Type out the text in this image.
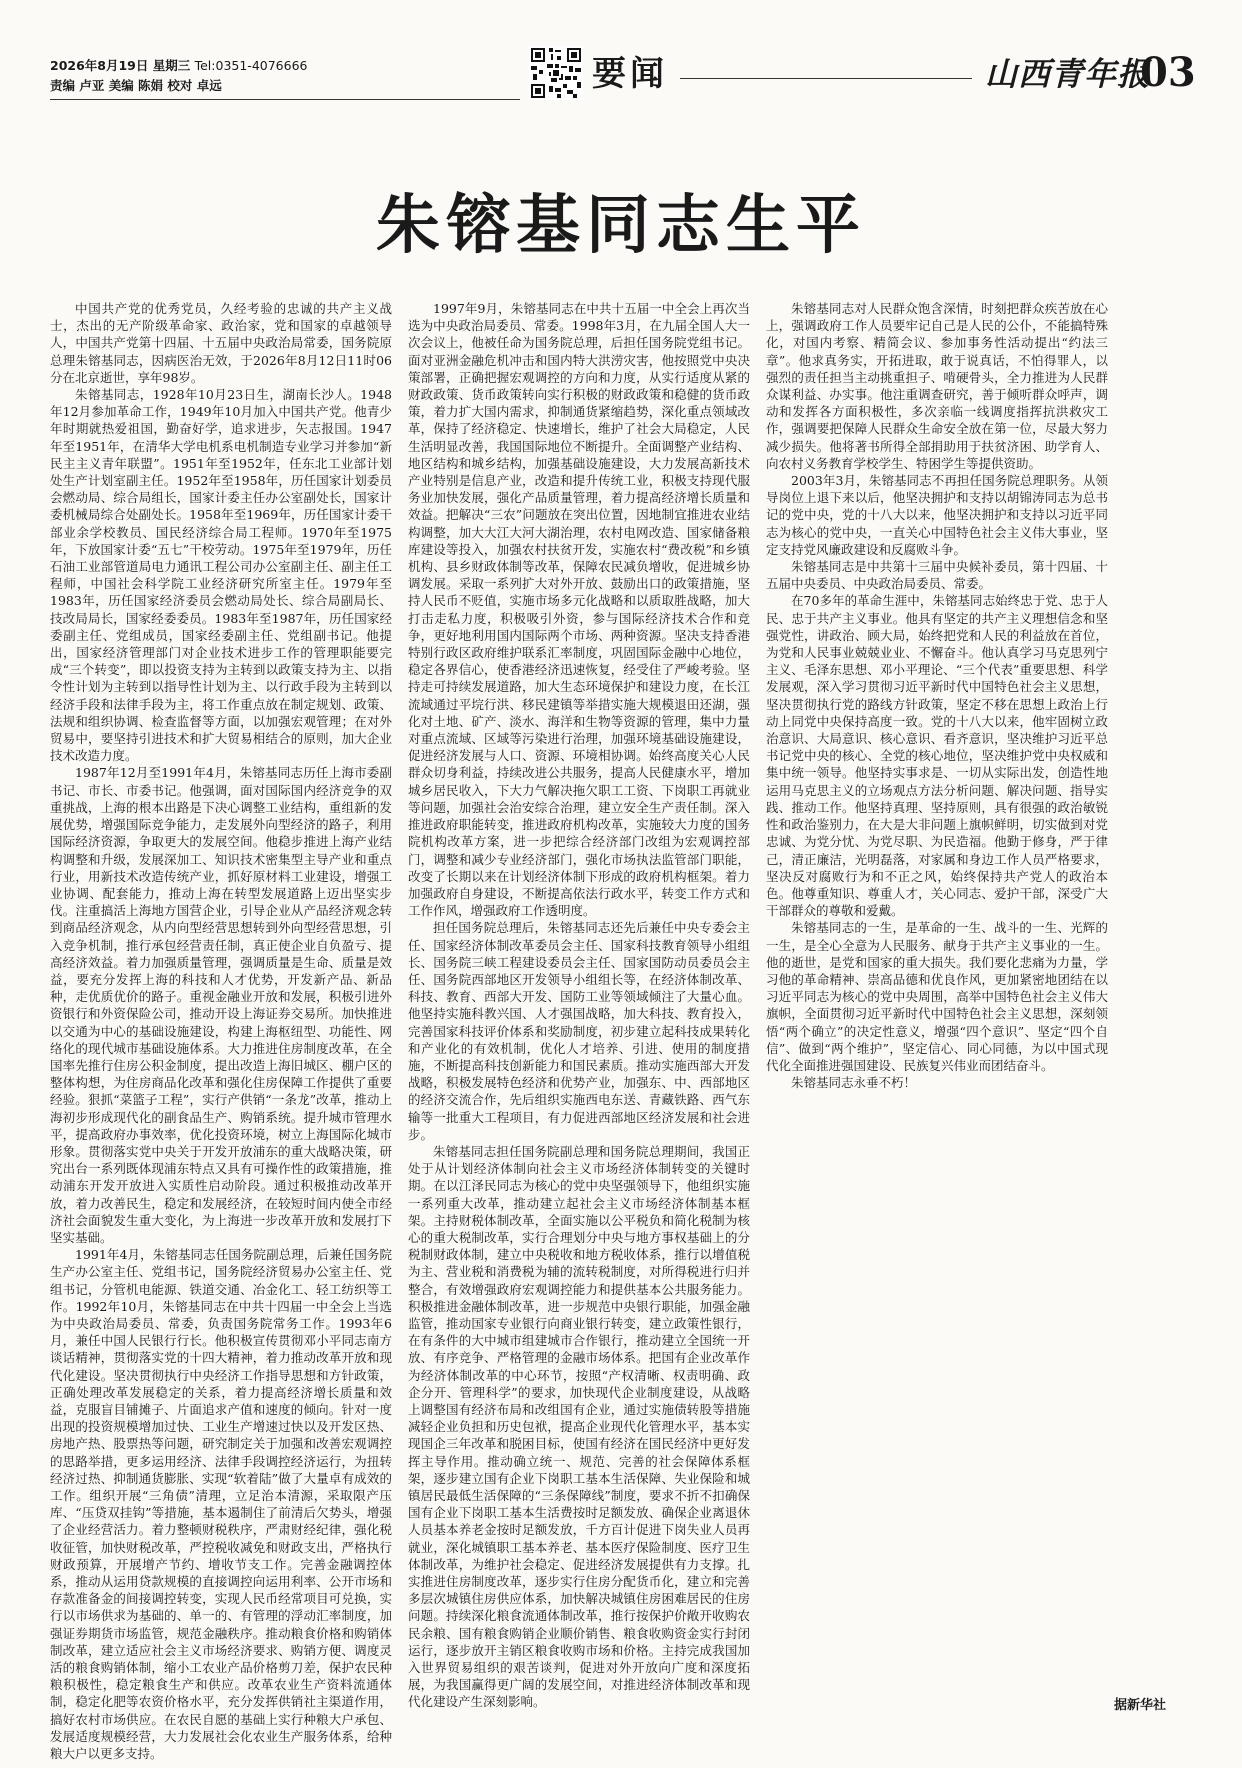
2026年8月19日 星期三 Tel:0351-4076666
责编 卢亚 美编 陈娟 校对 卓远	要闻	山西青年报
03
朱镕基同志生平

中国共产党的优秀党员，久经考验的忠诚的共产主义战士，杰出的无产阶级革命家、政治家，党和国家的卓越领导人，中国共产党第十四届、十五届中央政治局常委，国务院原总理朱镕基同志，因病医治无效，于2026年8月12日11时06分在北京逝世，享年98岁。

朱镕基同志，1928年10月23日生，湖南长沙人。1948年12月参加革命工作，1949年10月加入中国共产党。他青少年时期就热爱祖国，勤奋好学，追求进步，矢志报国。1947年至1951年，在清华大学电机系电机制造专业学习并参加“新民主主义青年联盟”。1951年至1952年，任东北工业部计划处生产计划室副主任。1952年至1958年，历任国家计划委员会燃动局、综合局组长，国家计委主任办公室副处长，国家计委机械局综合处副处长。1958年至1969年，历任国家计委干部业余学校教员、国民经济综合局工程师。1970年至1975年，下放国家计委“五七”干校劳动。1975年至1979年，历任石油工业部管道局电力通讯工程公司办公室副主任、副主任工程师，中国社会科学院工业经济研究所室主任。1979年至1983年，历任国家经济委员会燃动局处长、综合局副局长、技改局局长，国家经委委员。1983年至1987年，历任国家经委副主任、党组成员，国家经委副主任、党组副书记。他提出，国家经济管理部门对企业技术进步工作的管理职能要完成“三个转变”，即以投资支持为主转到以政策支持为主、以指令性计划为主转到以指导性计划为主、以行政手段为主转到以经济手段和法律手段为主，将工作重点放在制定规划、政策、法规和组织协调、检查监督等方面，以加强宏观管理；在对外贸易中，要坚持引进技术和扩大贸易相结合的原则，加大企业技术改造力度。

1987年12月至1991年4月，朱镕基同志历任上海市委副书记、市长、市委书记。他强调，面对国际国内经济竞争的双重挑战，上海的根本出路是下决心调整工业结构，重组新的发展优势，增强国际竞争能力，走发展外向型经济的路子，利用国际经济资源，争取更大的发展空间。他稳步推进上海产业结构调整和升级，发展深加工、知识技术密集型主导产业和重点行业，用新技术改造传统产业，抓好原材料工业建设，增强工业协调、配套能力，推动上海在转型发展道路上迈出坚实步伐。注重搞活上海地方国营企业，引导企业从产品经济观念转到商品经济观念，从内向型经营思想转到外向型经营思想，引入竞争机制，推行承包经营责任制，真正使企业自负盈亏、提高经济效益。着力加强质量管理，强调质量是生命、质量是效益，要充分发挥上海的科技和人才优势，开发新产品、新品种，走优质优价的路子。重视金融业开放和发展，积极引进外资银行和外资保险公司，推动开设上海证券交易所。加快推进以交通为中心的基础设施建设，构建上海枢纽型、功能性、网络化的现代城市基础设施体系。大力推进住房制度改革，在全国率先推行住房公积金制度，提出改造上海旧城区、棚户区的整体构想，为住房商品化改革和强化住房保障工作提供了重要经验。狠抓“菜篮子工程”，实行产供销“一条龙”改革，推动上海初步形成现代化的副食品生产、购销系统。提升城市管理水平，提高政府办事效率，优化投资环境，树立上海国际化城市形象。贯彻落实党中央关于开发开放浦东的重大战略决策，研究出台一系列既体现浦东特点又具有可操作性的政策措施，推动浦东开发开放进入实质性启动阶段。通过积极推动改革开放，着力改善民生，稳定和发展经济，在较短时间内使全市经济社会面貌发生重大变化，为上海进一步改革开放和发展打下坚实基础。

1991年4月，朱镕基同志任国务院副总理，后兼任国务院生产办公室主任、党组书记，国务院经济贸易办公室主任、党组书记，分管机电能源、铁道交通、冶金化工、轻工纺织等工作。1992年10月，朱镕基同志在中共十四届一中全会上当选为中央政治局委员、常委，负责国务院常务工作。1993年6月，兼任中国人民银行行长。他积极宣传贯彻邓小平同志南方谈话精神，贯彻落实党的十四大精神，着力推动改革开放和现代化建设。坚决贯彻执行中央经济工作指导思想和方针政策，正确处理改革发展稳定的关系，着力提高经济增长质量和效益，克服盲目铺摊子、片面追求产值和速度的倾向。针对一度出现的投资规模增加过快、工业生产增速过快以及开发区热、房地产热、股票热等问题，研究制定关于加强和改善宏观调控的思路举措，更多运用经济、法律手段调控经济运行，为扭转经济过热、抑制通货膨胀、实现“软着陆”做了大量卓有成效的工作。组织开展“三角债”清理，立足治本清源，采取限产压库、“压贷双挂钩”等措施，基本遏制住了前清后欠势头，增强了企业经营活力。着力整顿财税秩序，严肃财经纪律，强化税收征管，加快财税改革，严控税收减免和财政支出，严格执行财政预算，开展增产节约、增收节支工作。完善金融调控体系，推动从运用贷款规模的直接调控向运用利率、公开市场和存款准备金的间接调控转变，实现人民币经常项目可兑换，实行以市场供求为基础的、单一的、有管理的浮动汇率制度，加强证券期货市场监管，规范金融秩序。推动粮食价格和购销体制改革，建立适应社会主义市场经济要求、购销方便、调度灵活的粮食购销体制，缩小工农业产品价格剪刀差，保护农民种粮积极性，稳定粮食生产和供应。改革农业生产资料流通体制，稳定化肥等农资价格水平，充分发挥供销社主渠道作用，搞好农村市场供应。在农民自愿的基础上实行种粮大户承包、发展适度规模经营，大力发展社会化农业生产服务体系，给种粮大户以更多支持。

1997年9月，朱镕基同志在中共十五届一中全会上再次当选为中央政治局委员、常委。1998年3月，在九届全国人大一次会议上，他被任命为国务院总理，后担任国务院党组书记。面对亚洲金融危机冲击和国内特大洪涝灾害，他按照党中央决策部署，正确把握宏观调控的方向和力度，从实行适度从紧的财政政策、货币政策转向实行积极的财政政策和稳健的货币政策，着力扩大国内需求，抑制通货紧缩趋势，深化重点领域改革，保持了经济稳定、快速增长，维护了社会大局稳定，人民生活明显改善，我国国际地位不断提升。全面调整产业结构、地区结构和城乡结构，加强基础设施建设，大力发展高新技术产业特别是信息产业，改造和提升传统工业，积极支持现代服务业加快发展，强化产品质量管理，着力提高经济增长质量和效益。把解决“三农”问题放在突出位置，因地制宜推进农业结构调整，加大大江大河大湖治理，农村电网改造、国家储备粮库建设等投入，加强农村扶贫开发，实施农村“费改税”和乡镇机构、县乡财政体制等改革，保障农民减负增收，促进城乡协调发展。采取一系列扩大对外开放、鼓励出口的政策措施，坚持人民币不贬值，实施市场多元化战略和以质取胜战略，加大打击走私力度，积极吸引外资，参与国际经济技术合作和竞争，更好地利用国内国际两个市场、两种资源。坚决支持香港特别行政区政府维护联系汇率制度，巩固国际金融中心地位，稳定各界信心，使香港经济迅速恢复，经受住了严峻考验。坚持走可持续发展道路，加大生态环境保护和建设力度，在长江流域通过平垸行洪、移民建镇等举措实施大规模退田还湖，强化对土地、矿产、淡水、海洋和生物等资源的管理，集中力量对重点流域、区域等污染进行治理，加强环境基础设施建设，促进经济发展与人口、资源、环境相协调。始终高度关心人民群众切身利益，持续改进公共服务，提高人民健康水平，增加城乡居民收入，下大力气解决拖欠职工工资、下岗职工再就业等问题，加强社会治安综合治理，建立安全生产责任制。深入推进政府职能转变，推进政府机构改革，实施较大力度的国务院机构改革方案，进一步把综合经济部门改组为宏观调控部门，调整和减少专业经济部门，强化市场执法监管部门职能，改变了长期以来在计划经济体制下形成的政府机构框架。着力加强政府自身建设，不断提高依法行政水平，转变工作方式和工作作风，增强政府工作透明度。

担任国务院总理后，朱镕基同志还先后兼任中央专委会主任、国家经济体制改革委员会主任、国家科技教育领导小组组长、国务院三峡工程建设委员会主任、国家国防动员委员会主任、国务院西部地区开发领导小组组长等，在经济体制改革、科技、教育、西部大开发、国防工业等领域倾注了大量心血。他坚持实施科教兴国、人才强国战略，加大科技、教育投入，完善国家科技评价体系和奖励制度，初步建立起科技成果转化和产业化的有效机制，优化人才培养、引进、使用的制度措施，不断提高科技创新能力和国民素质。推动实施西部大开发战略，积极发展特色经济和优势产业，加强东、中、西部地区的经济交流合作，先后组织实施西电东送、青藏铁路、西气东输等一批重大工程项目，有力促进西部地区经济发展和社会进步。

朱镕基同志担任国务院副总理和国务院总理期间，我国正处于从计划经济体制向社会主义市场经济体制转变的关键时期。在以江泽民同志为核心的党中央坚强领导下，他组织实施一系列重大改革，推动建立起社会主义市场经济体制基本框架。主持财税体制改革，全面实施以公平税负和简化税制为核心的重大税制改革，实行合理划分中央与地方事权基础上的分税制财政体制，建立中央税收和地方税收体系，推行以增值税为主、营业税和消费税为辅的流转税制度，对所得税进行归并整合，有效增强政府宏观调控能力和提供基本公共服务能力。积极推进金融体制改革，进一步规范中央银行职能，加强金融监管，推动国家专业银行向商业银行转变，建立政策性银行，在有条件的大中城市组建城市合作银行，推动建立全国统一开放、有序竞争、严格管理的金融市场体系。把国有企业改革作为经济体制改革的中心环节，按照“产权清晰、权责明确、政企分开、管理科学”的要求，加快现代企业制度建设，从战略上调整国有经济布局和改组国有企业，通过实施债转股等措施减轻企业负担和历史包袱，提高企业现代化管理水平，基本实现国企三年改革和脱困目标，使国有经济在国民经济中更好发挥主导作用。推动确立统一、规范、完善的社会保障体系框架，逐步建立国有企业下岗职工基本生活保障、失业保险和城镇居民最低生活保障的“三条保障线”制度，要求不折不扣确保国有企业下岗职工基本生活费按时足额发放、确保企业离退休人员基本养老金按时足额发放，千方百计促进下岗失业人员再就业，深化城镇职工基本养老、基本医疗保险制度、医疗卫生体制改革，为维护社会稳定、促进经济发展提供有力支撑。扎实推进住房制度改革，逐步实行住房分配货币化，建立和完善多层次城镇住房供应体系，加快解决城镇住房困难居民的住房问题。持续深化粮食流通体制改革，推行按保护价敞开收购农民余粮、国有粮食购销企业顺价销售、粮食收购资金实行封闭运行，逐步放开主销区粮食收购市场和价格。主持完成我国加入世界贸易组织的艰苦谈判，促进对外开放向广度和深度拓展，为我国赢得更广阔的发展空间，对推进经济体制改革和现代化建设产生深刻影响。

朱镕基同志对人民群众饱含深情，时刻把群众疾苦放在心上，强调政府工作人员要牢记自己是人民的公仆，不能搞特殊化，对国内考察、精简会议、参加事务性活动提出“约法三章”。他求真务实，开拓进取，敢于说真话，不怕得罪人，以强烈的责任担当主动挑重担子、啃硬骨头，全力推进为人民群众谋利益、办实事。他注重调查研究，善于倾听群众呼声，调动和发挥各方面积极性，多次亲临一线调度指挥抗洪救灾工作，强调要把保障人民群众生命安全放在第一位，尽最大努力减少损失。他将著书所得全部捐助用于扶贫济困、助学育人、向农村义务教育学校学生、特困学生等提供资助。

2003年3月，朱镕基同志不再担任国务院总理职务。从领导岗位上退下来以后，他坚决拥护和支持以胡锦涛同志为总书记的党中央，党的十八大以来，他坚决拥护和支持以习近平同志为核心的党中央，一直关心中国特色社会主义伟大事业，坚定支持党风廉政建设和反腐败斗争。

朱镕基同志是中共第十三届中央候补委员，第十四届、十五届中央委员、中央政治局委员、常委。

在70多年的革命生涯中，朱镕基同志始终忠于党、忠于人民、忠于共产主义事业。他具有坚定的共产主义理想信念和坚强党性，讲政治、顾大局，始终把党和人民的利益放在首位，为党和人民事业兢兢业业、不懈奋斗。他认真学习马克思列宁主义、毛泽东思想、邓小平理论、“三个代表”重要思想、科学发展观，深入学习贯彻习近平新时代中国特色社会主义思想，坚决贯彻执行党的路线方针政策，坚定不移在思想上政治上行动上同党中央保持高度一致。党的十八大以来，他牢固树立政治意识、大局意识、核心意识、看齐意识，坚决维护习近平总书记党中央的核心、全党的核心地位，坚决维护党中央权威和集中统一领导。他坚持实事求是、一切从实际出发，创造性地运用马克思主义的立场观点方法分析问题、解决问题、指导实践、推动工作。他坚持真理、坚持原则，具有很强的政治敏锐性和政治鉴别力，在大是大非问题上旗帜鲜明，切实做到对党忠诚、为党分忧、为党尽职、为民造福。他勤于修身，严于律己，清正廉洁，光明磊落，对家属和身边工作人员严格要求，坚决反对腐败行为和不正之风，始终保持共产党人的政治本色。他尊重知识、尊重人才，关心同志、爱护干部，深受广大干部群众的尊敬和爱戴。

朱镕基同志的一生，是革命的一生、战斗的一生、光辉的一生，是全心全意为人民服务、献身于共产主义事业的一生。他的逝世，是党和国家的重大损失。我们要化悲痛为力量，学习他的革命精神、崇高品德和优良作风，更加紧密地团结在以习近平同志为核心的党中央周围，高举中国特色社会主义伟大旗帜，全面贯彻习近平新时代中国特色社会主义思想，深刻领悟“两个确立”的决定性意义，增强“四个意识”、坚定“四个自信”、做到“两个维护”，坚定信心、同心同德，为以中国式现代化全面推进强国建设、民族复兴伟业而团结奋斗。

朱镕基同志永垂不朽！

据新华社
